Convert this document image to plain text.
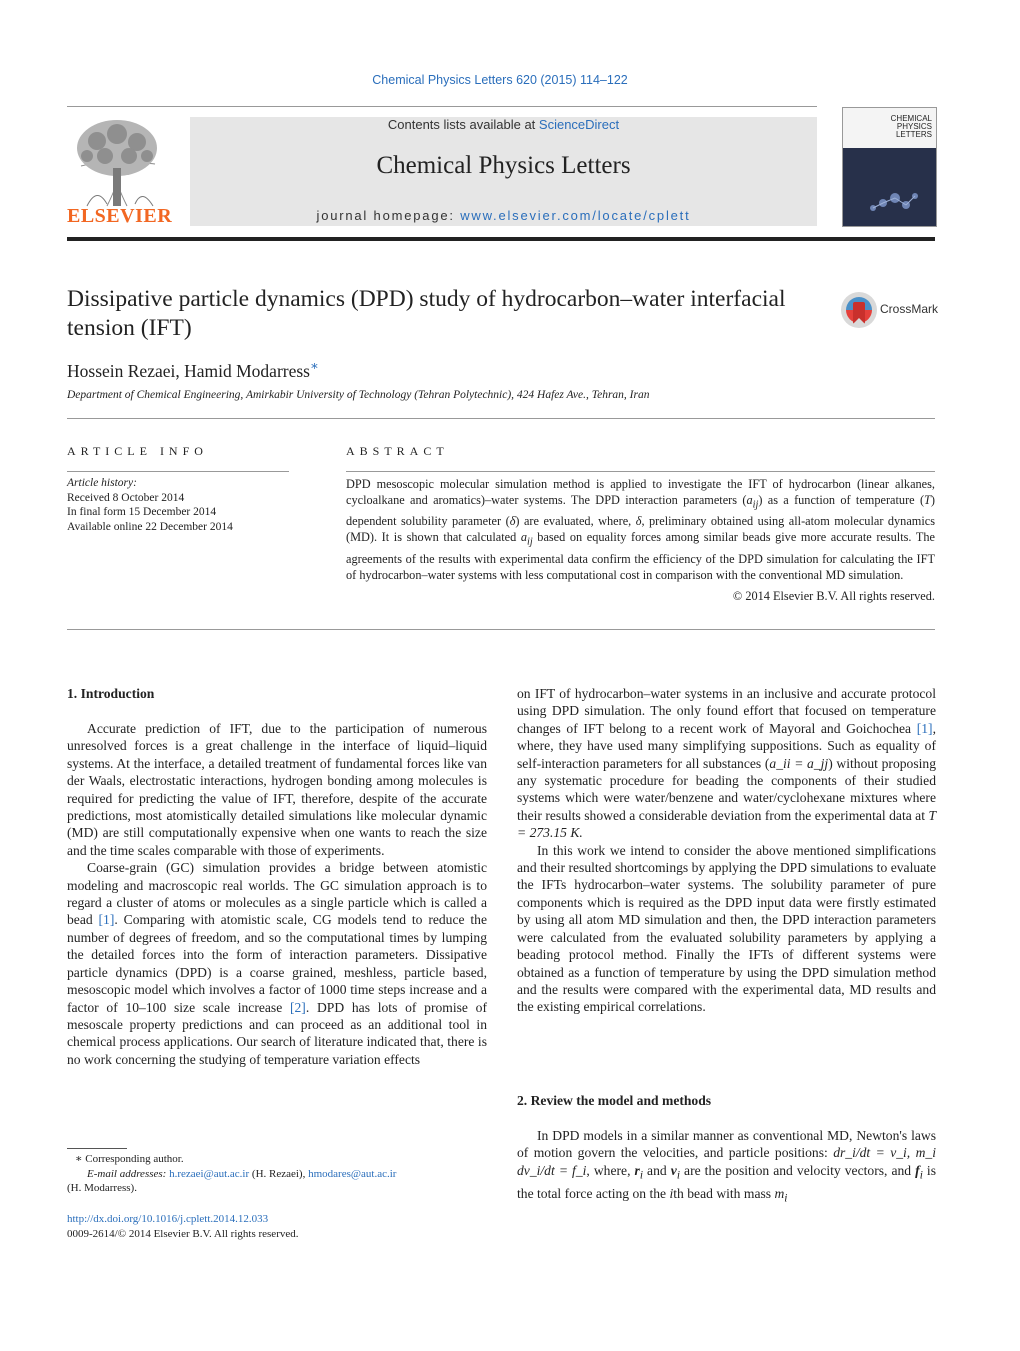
Chemical Physics Letters 620 (2015) 114–122
ELSEVIER
Contents lists available at ScienceDirect
Chemical Physics Letters
journal homepage: www.elsevier.com/locate/cplett
CHEMICAL
PHYSICS
LETTERS
Dissipative particle dynamics (DPD) study of hydrocarbon–water interfacial tension (IFT)
CrossMark
Hossein Rezaei, Hamid Modarress∗
Department of Chemical Engineering, Amirkabir University of Technology (Tehran Polytechnic), 424 Hafez Ave., Tehran, Iran
ARTICLE INFO
Article history:
Received 8 October 2014
In final form 15 December 2014
Available online 22 December 2014
ABSTRACT
DPD mesoscopic molecular simulation method is applied to investigate the IFT of hydrocarbon (linear alkanes, cycloalkane and aromatics)–water systems. The DPD interaction parameters $(a_{ij})$ as a function of temperature (T) dependent solubility parameter (δ) are evaluated, where, δ, preliminary obtained using all-atom molecular dynamics (MD). It is shown that calculated $a_{ij}$ based on equality forces among similar beads give more accurate results. The agreements of the results with experimental data confirm the efficiency of the DPD simulation for calculating the IFT of hydrocarbon–water systems with less computational cost in comparison with the conventional MD simulation.
© 2014 Elsevier B.V. All rights reserved.
1. Introduction

Accurate prediction of IFT, due to the participation of numerous unresolved forces is a great challenge in the interface of liquid–liquid systems. At the interface, a detailed treatment of fundamental forces like van der Waals, electrostatic interactions, hydrogen bonding among molecules is required for predicting the value of IFT, therefore, despite of the accurate predictions, most atomistically detailed simulations like molecular dynamic (MD) are still computationally expensive when one wants to reach the size and the time scales comparable with those of experiments.

Coarse-grain (GC) simulation provides a bridge between atomistic modeling and macroscopic real worlds. The GC simulation approach is to regard a cluster of atoms or molecules as a single particle which is called a bead [1]. Comparing with atomistic scale, CG models tend to reduce the number of degrees of freedom, and so the computational times by lumping the detailed forces into the form of interaction parameters. Dissipative particle dynamics (DPD) is a coarse grained, meshless, particle based, mesoscopic model which involves a factor of 1000 time steps increase and a factor of 10–100 size scale increase [2]. DPD has lots of promise of mesoscale property predictions and can proceed as an additional tool in chemical process applications. Our search of literature indicated that, there is no work concerning the studying of temperature variation effects

on IFT of hydrocarbon–water systems in an inclusive and accurate protocol using DPD simulation. The only found effort that focused on temperature changes of IFT belong to a recent work of Mayoral and Goichochea [1], where, they have used many simplifying suppositions. Such as equality of self-interaction parameters for all substances (a_ii = a_jj) without proposing any systematic procedure for beading the components of their studied systems which were water/benzene and water/cyclohexane mixtures where their results showed a considerable deviation from the experimental data at T = 273.15 K.

In this work we intend to consider the above mentioned simplifications and their resulted shortcomings by applying the DPD simulations to evaluate the IFTs hydrocarbon–water systems. The solubility parameter of pure components which is required as the DPD input data were firstly estimated by using all atom MD simulation and then, the DPD interaction parameters were calculated from the evaluated solubility parameters by applying a beading protocol method. Finally the IFTs of different systems were obtained as a function of temperature by using the DPD simulation method and the results were compared with the experimental data, MD results and the existing empirical correlations.

2. Review the model and methods

In DPD models in a similar manner as conventional MD, Newton's laws of motion govern the velocities, and particle positions: dr_i/dt = v_i, m_i dv_i/dt = f_i, where, $r_i$ and $v_i$ are the position and velocity vectors, and $f_i$ is the total force acting on the ith bead with mass $m_i$

∗ Corresponding author.
E-mail addresses: h.rezaei@aut.ac.ir (H. Rezaei), hmodares@aut.ac.ir
(H. Modarress).
http://dx.doi.org/10.1016/j.cplett.2014.12.033
0009-2614/© 2014 Elsevier B.V. All rights reserved.
